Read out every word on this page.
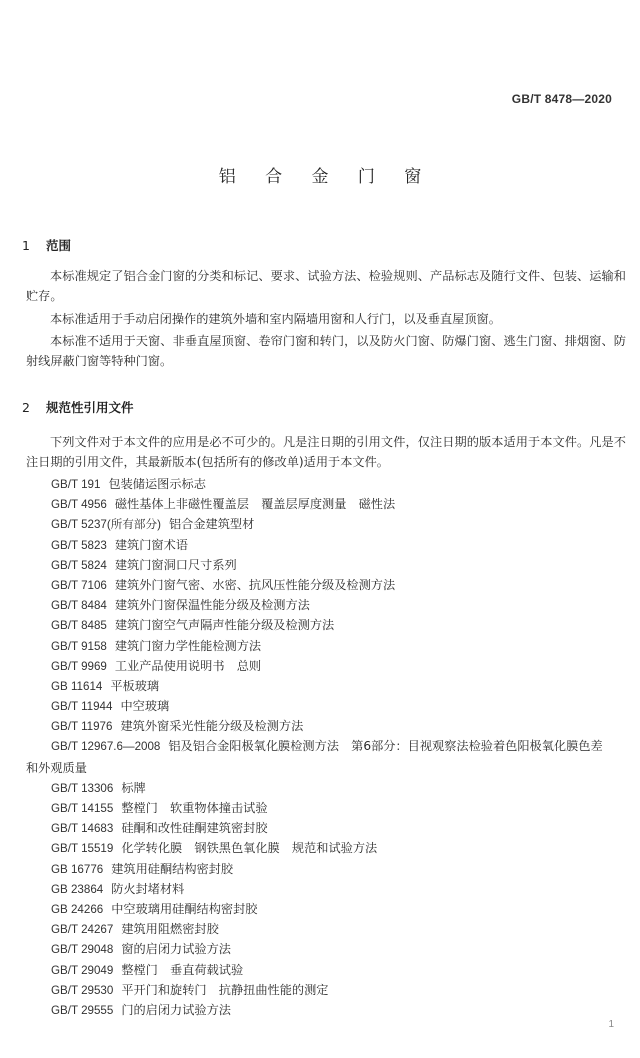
GB/T 8478—2020
铝 合 金 门 窗
1 范围
本标准规定了铝合金门窗的分类和标记、要求、试验方法、检验规则、产品标志及随行文件、包装、运输和贮存。
本标准适用于手动启闭操作的建筑外墙和室内隔墙用窗和人行门，以及垂直屋顶窗。
本标准不适用于天窗、非垂直屋顶窗、卷帘门窗和转门，以及防火门窗、防爆门窗、逃生门窗、排烟窗、防射线屏蔽门窗等特种门窗。
2 规范性引用文件
下列文件对于本文件的应用是必不可少的。凡是注日期的引用文件，仅注日期的版本适用于本文件。凡是不注日期的引用文件，其最新版本(包括所有的修改单)适用于本文件。
GB/T 191 包装储运图示标志
GB/T 4956 磁性基体上非磁性覆盖层　覆盖层厚度测量　磁性法
GB/T 5237(所有部分) 铝合金建筑型材
GB/T 5823 建筑门窗术语
GB/T 5824 建筑门窗洞口尺寸系列
GB/T 7106 建筑外门窗气密、水密、抗风压性能分级及检测方法
GB/T 8484 建筑外门窗保温性能分级及检测方法
GB/T 8485 建筑门窗空气声隔声性能分级及检测方法
GB/T 9158 建筑门窗力学性能检测方法
GB/T 9969 工业产品使用说明书　总则
GB 11614 平板玻璃
GB/T 11944 中空玻璃
GB/T 11976 建筑外窗采光性能分级及检测方法
GB/T 12967.6—2008 铝及铝合金阳极氧化膜检测方法　第6部分：目视观察法检验着色阳极氧化膜色差和外观质量
GB/T 13306 标牌
GB/T 14155 整樘门　软重物体撞击试验
GB/T 14683 硅酮和改性硅酮建筑密封胶
GB/T 15519 化学转化膜　钢铁黑色氧化膜　规范和试验方法
GB 16776 建筑用硅酮结构密封胶
GB 23864 防火封堵材料
GB 24266 中空玻璃用硅酮结构密封胶
GB/T 24267 建筑用阻燃密封胶
GB/T 29048 窗的启闭力试验方法
GB/T 29049 整樘门　垂直荷载试验
GB/T 29530 平开门和旋转门　抗静扭曲性能的测定
GB/T 29555 门的启闭力试验方法
1
